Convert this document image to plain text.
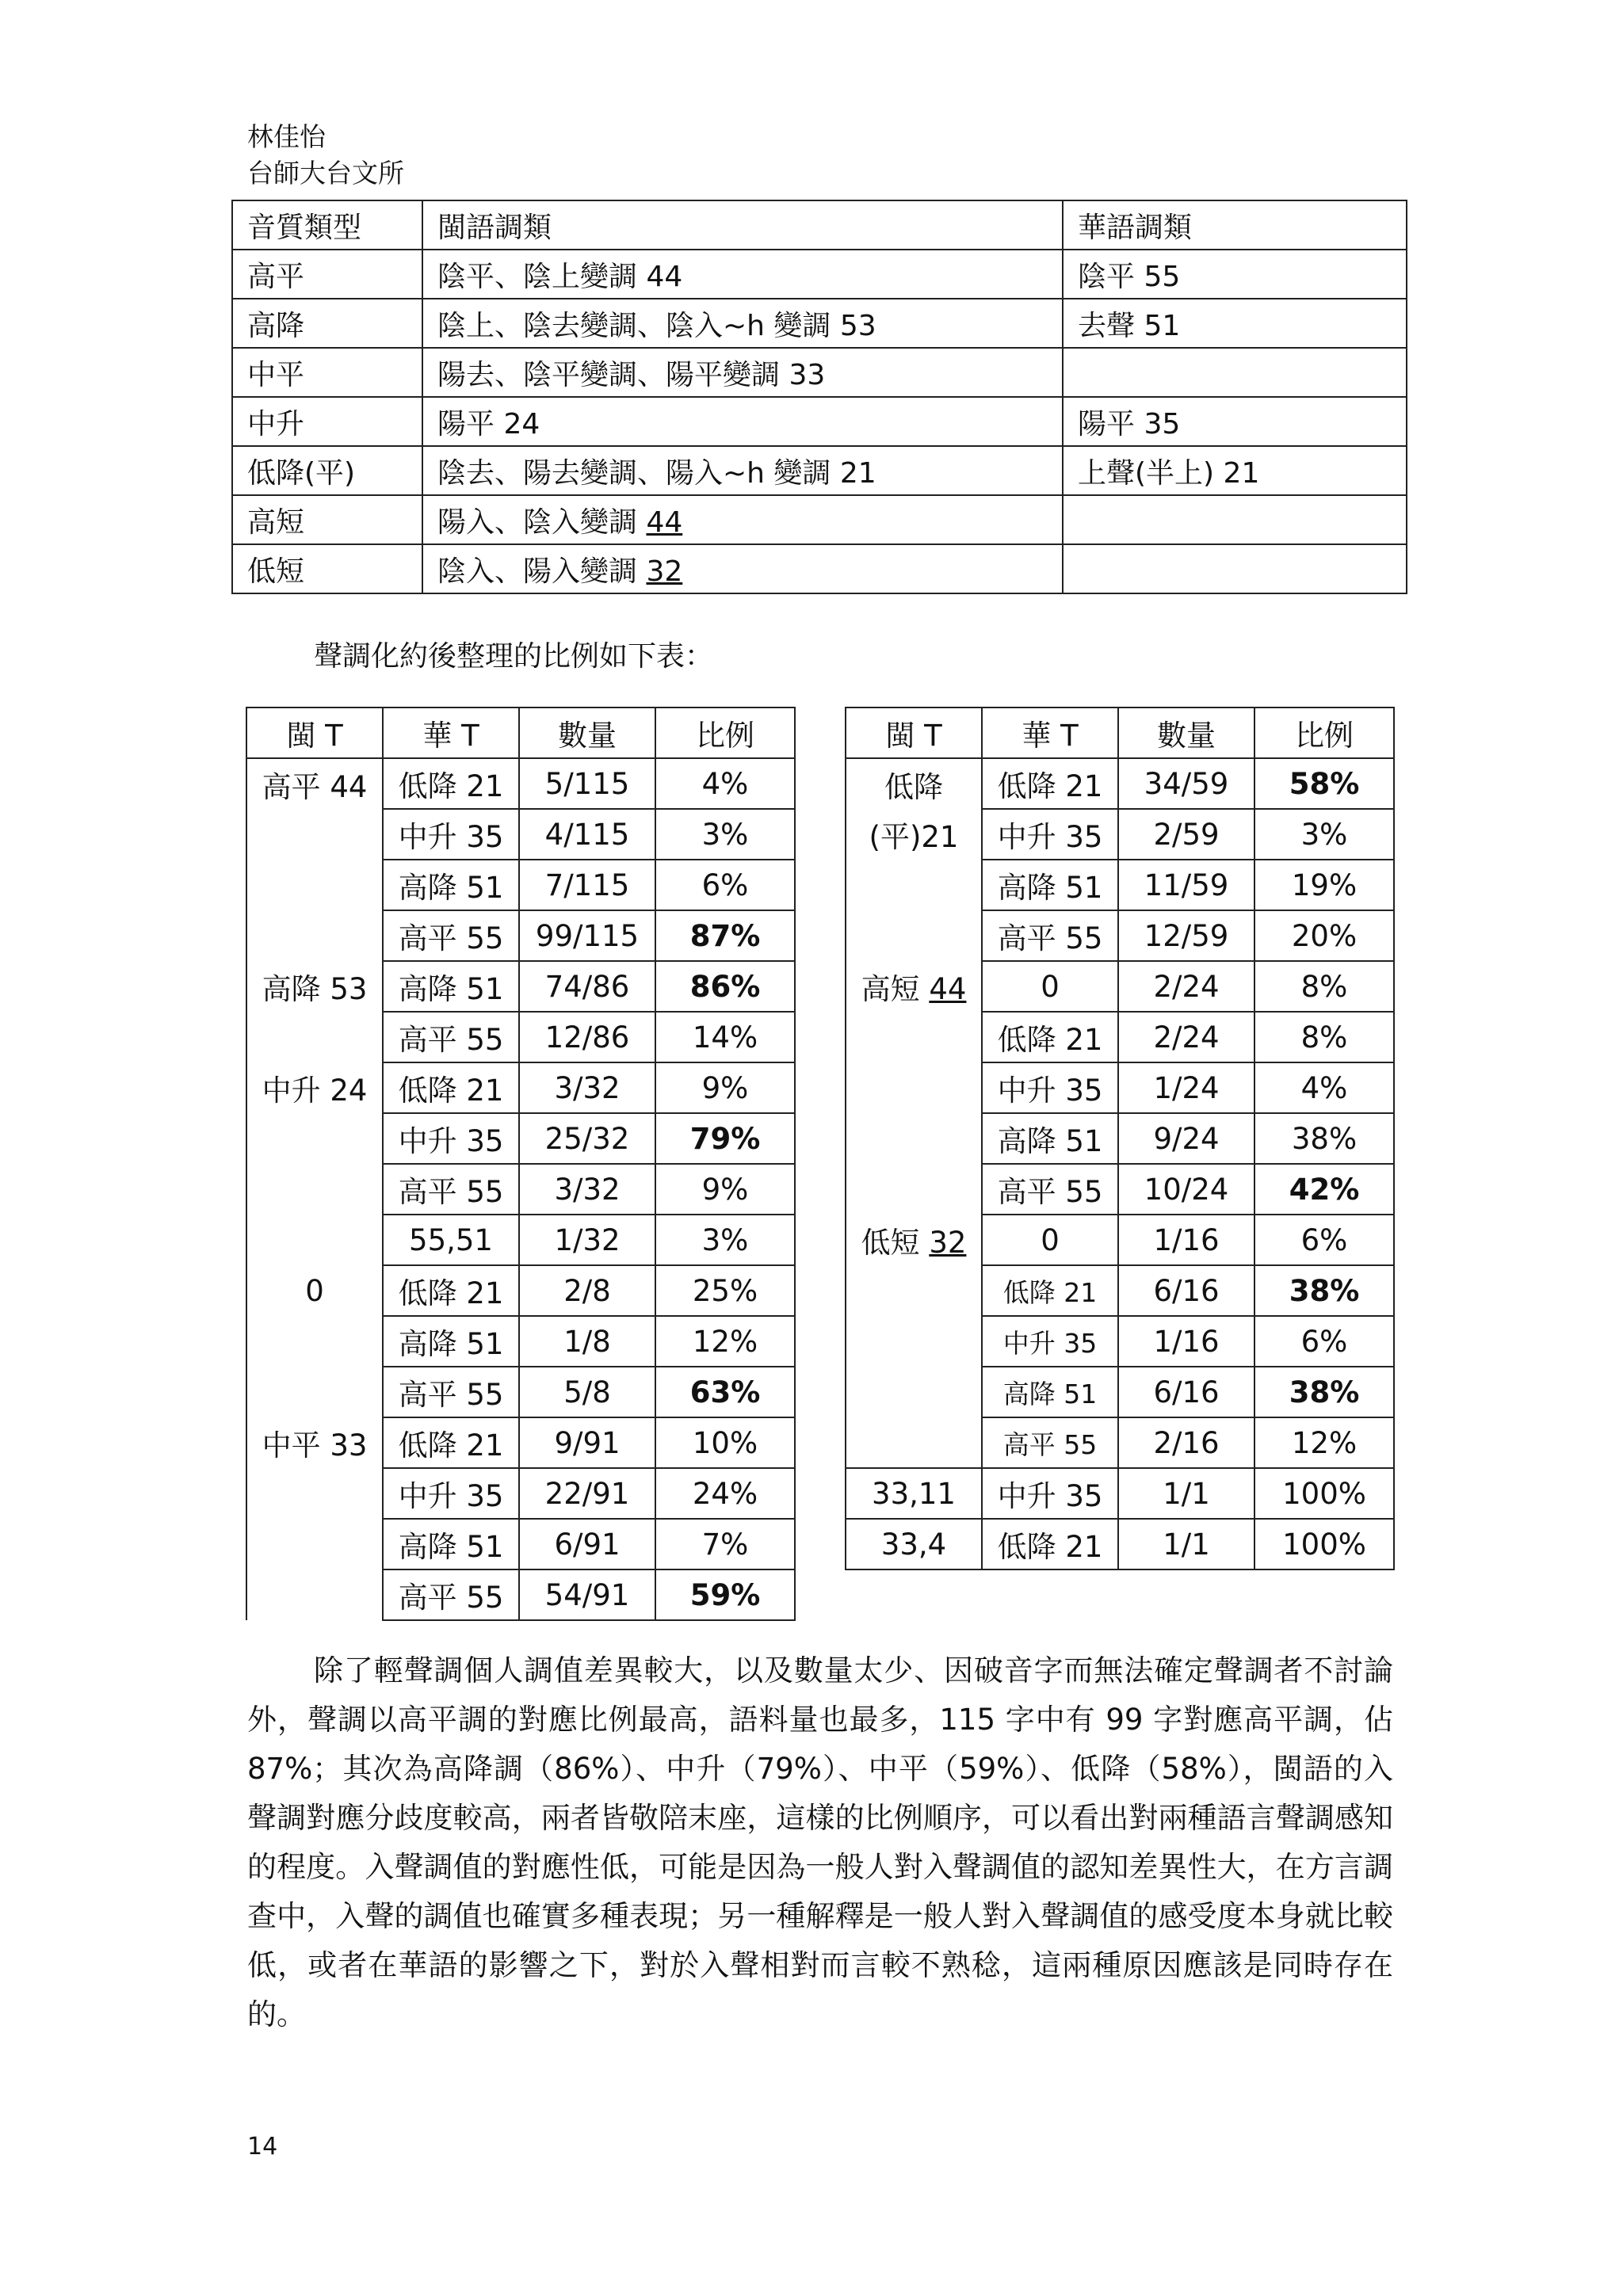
林佳怡
台師大台文所
音質類型	閩語調類	華語調類
高平	陰平、陰上變調 44	陰平 55
高降	陰上、陰去變調、陰入~h 變調 53	去聲 51
中平	陽去、陰平變調、陽平變調 33	
中升	陽平 24	陽平 35
低降(平)	陰去、陽去變調、陽入~h 變調 21	上聲(半上) 21
高短	陽入、陰入變調 44	
低短	陰入、陽入變調 32	
聲調化約後整理的比例如下表：
閩 T	華 T	數量	比例
高平 44	低降 21	5/115	4%
	中升 35	4/115	3%
	高降 51	7/115	6%
	高平 55	99/115	87%
高降 53	高降 51	74/86	86%
	高平 55	12/86	14%
中升 24	低降 21	3/32	9%
	中升 35	25/32	79%
	高平 55	3/32	9%
	55,51	1/32	3%
0	低降 21	2/8	25%
	高降 51	1/8	12%
	高平 55	5/8	63%
中平 33	低降 21	9/91	10%
	中升 35	22/91	24%
	高降 51	6/91	7%
	高平 55	54/91	59%
閩 T	華 T	數量	比例
低降	低降 21	34/59	58%
(平)21	中升 35	2/59	3%
	高降 51	11/59	19%
	高平 55	12/59	20%
高短 44	0	2/24	8%
	低降 21	2/24	8%
	中升 35	1/24	4%
	高降 51	9/24	38%
	高平 55	10/24	42%
低短 32	0	1/16	6%
	低降 21	6/16	38%
	中升 35	1/16	6%
	高降 51	6/16	38%
	高平 55	2/16	12%
33,11	中升 35	1/1	100%
33,4	低降 21	1/1	100%

除了輕聲調個人調值差異較大，以及數量太少、因破音字而無法確定聲調者不討論外，聲調以高平調的對應比例最高，語料量也最多，115 字中有 99 字對應高平調，佔 87%；其次為高降調（86%）、中升（79%）、中平（59%）、低降（58%），閩語的入聲調對應分歧度較高，兩者皆敬陪末座，這樣的比例順序，可以看出對兩種語言聲調感知的程度。入聲調值的對應性低，可能是因為一般人對入聲調值的認知差異性大，在方言調查中，入聲的調值也確實多種表現；另一種解釋是一般人對入聲調值的感受度本身就比較低，或者在華語的影響之下，對於入聲相對而言較不熟稔，這兩種原因應該是同時存在的。

14
